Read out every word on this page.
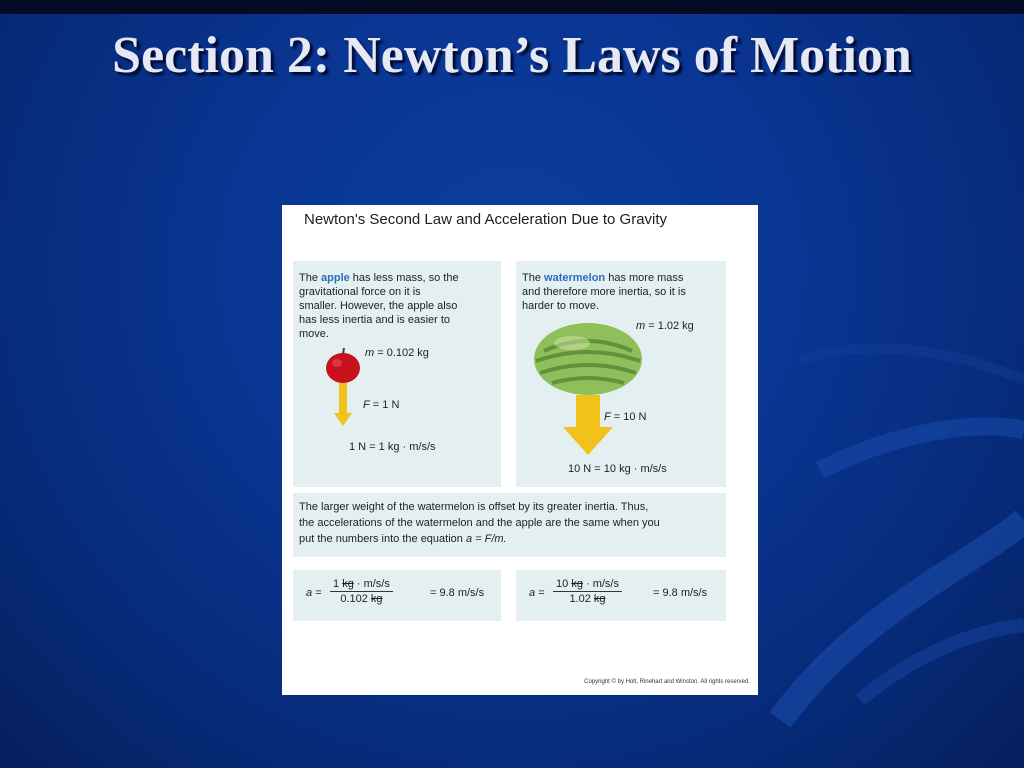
Section 2: Newton’s Laws of Motion
Newton's Second Law and Acceleration Due to Gravity
The apple has less mass, so the gravitational force on it is smaller. However, the apple also has less inertia and is easier to move.
m = 0.102 kg
F = 1 N
1 N = 1 kg · m/s/s
The watermelon has more mass and therefore more inertia, so it is harder to move.
m = 1.02 kg
F = 10 N
10 N = 10 kg · m/s/s
The larger weight of the watermelon is offset by its greater inertia. Thus, the accelerations of the watermelon and the apple are the same when you put the numbers into the equation a = F/m.
$a = \frac{1 kg \cdot m/s/s}{0.102 kg}$	= 9.8 m/s/s	$a = \frac{10 kg \cdot m/s/s}{1.02 kg}$	= 9.8 m/s/s
Copyright © by Holt, Rinehart and Winston. All rights reserved.
